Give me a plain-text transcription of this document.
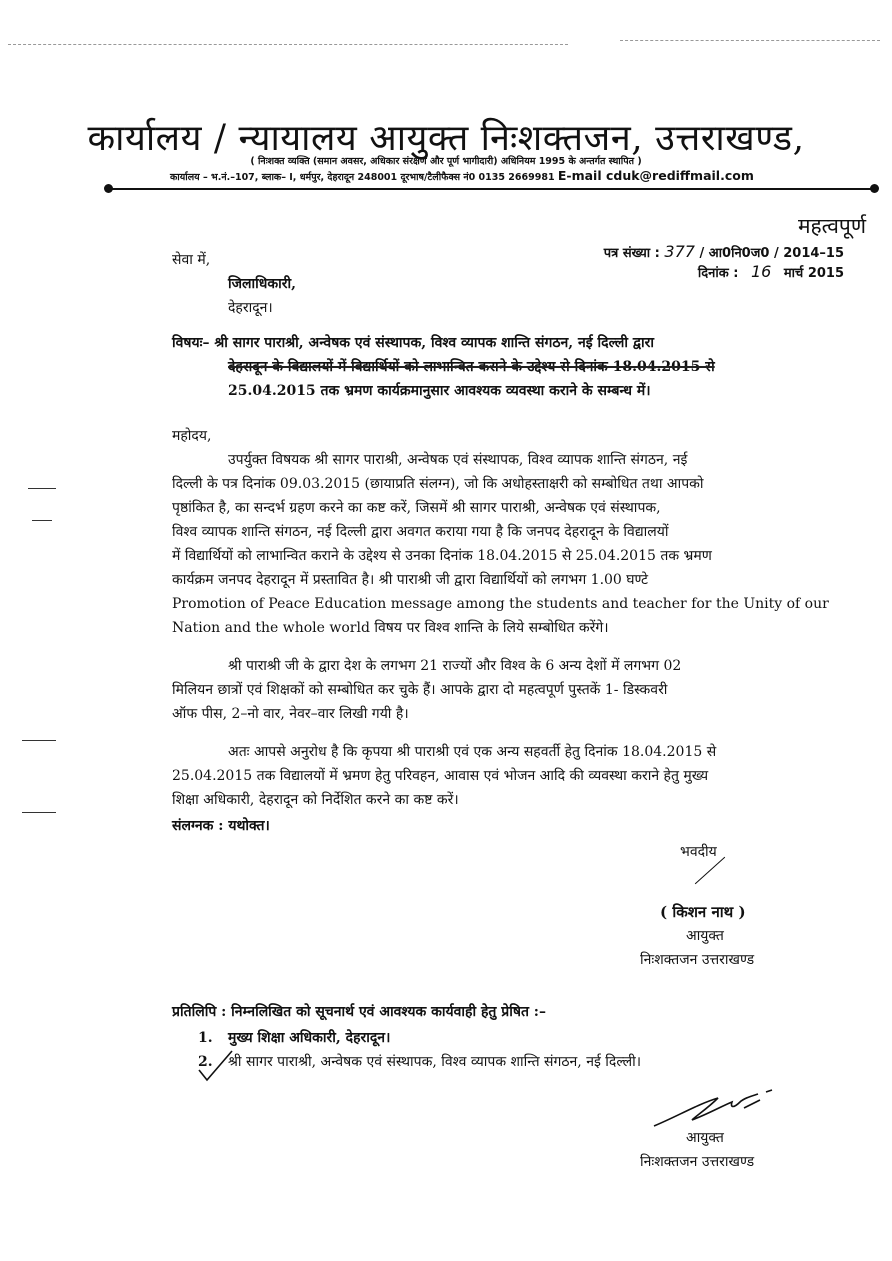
कार्यालय / न्यायालय आयुक्त निःशक्तजन, उत्तराखण्ड,
( निःशक्त व्यक्ति (समान अवसर, अधिकार संरक्षण और पूर्ण भागीदारी) अधिनियम 1995 के अन्तर्गत स्थापित )
कार्यालय – भ.नं.–107, ब्लाक– I, धर्मपुर, देहरादून 248001 दूरभाष/टैलीफैक्स नं0 0135 2669981 E-mail cduk@rediffmail.com
महत्वपूर्ण
पत्र संख्या : 377 / आ0नि0ज0 / 2014–15
दिनांक : 16 मार्च 2015
सेवा में,
जिलाधिकारी,
देहरादून।
विषयः– श्री सागर पाराश्री, अन्वेषक एवं संस्थापक, विश्व व्यापक शान्ति संगठन, नई दिल्ली द्वारा
देहरादून के विद्यालयों में विद्यार्थियों को लाभान्वित कराने के उद्देश्य से दिनांक 18.04.2015 से
25.04.2015 तक भ्रमण कार्यक्रमानुसार आवश्यक व्यवस्था कराने के सम्बन्ध में।
महोदय,
उपर्युक्त विषयक श्री सागर पाराश्री, अन्वेषक एवं संस्थापक, विश्व व्यापक शान्ति संगठन, नई
दिल्ली के पत्र दिनांक 09.03.2015 (छायाप्रति संलग्न), जो कि अधोहस्ताक्षरी को सम्बोधित तथा आपको
पृष्ठांकित है, का सन्दर्भ ग्रहण करने का कष्ट करें, जिसमें श्री सागर पाराश्री, अन्वेषक एवं संस्थापक,
विश्व व्यापक शान्ति संगठन, नई दिल्ली द्वारा अवगत कराया गया है कि जनपद देहरादून के विद्यालयों
में विद्यार्थियों को लाभान्वित कराने के उद्देश्य से उनका दिनांक 18.04.2015 से 25.04.2015 तक भ्रमण
कार्यक्रम जनपद देहरादून में प्रस्तावित है। श्री पाराश्री जी द्वारा विद्यार्थियों को लगभग 1.00 घण्टे
Promotion of Peace Education message among the students and teacher for the Unity of our
Nation and the whole world विषय पर विश्व शान्ति के लिये सम्बोधित करेंगे।
श्री पाराश्री जी के द्वारा देश के लगभग 21 राज्यों और विश्व के 6 अन्य देशों में लगभग 02
मिलियन छात्रों एवं शिक्षकों को सम्बोधित कर चुके हैं। आपके द्वारा दो महत्वपूर्ण पुस्तकें 1- डिस्कवरी
ऑफ पीस, 2–नो वार, नेवर–वार लिखी गयी है।
अतः आपसे अनुरोध है कि कृपया श्री पाराश्री एवं एक अन्य सहवर्ती हेतु दिनांक 18.04.2015 से
25.04.2015 तक विद्यालयों में भ्रमण हेतु परिवहन, आवास एवं भोजन आदि की व्यवस्था कराने हेतु मुख्य
शिक्षा अधिकारी, देहरादून को निर्देशित करने का कष्ट करें।
संलग्नक : यथोक्त।
भवदीय
( किशन नाथ )
आयुक्त
निःशक्तजन उत्तराखण्ड
प्रतिलिपि : निम्नलिखित को सूचनार्थ एवं आवश्यक कार्यवाही हेतु प्रेषित :–
1. मुख्य शिक्षा अधिकारी, देहरादून।
2. श्री सागर पाराश्री, अन्वेषक एवं संस्थापक, विश्व व्यापक शान्ति संगठन, नई दिल्ली।
आयुक्त
निःशक्तजन उत्तराखण्ड
